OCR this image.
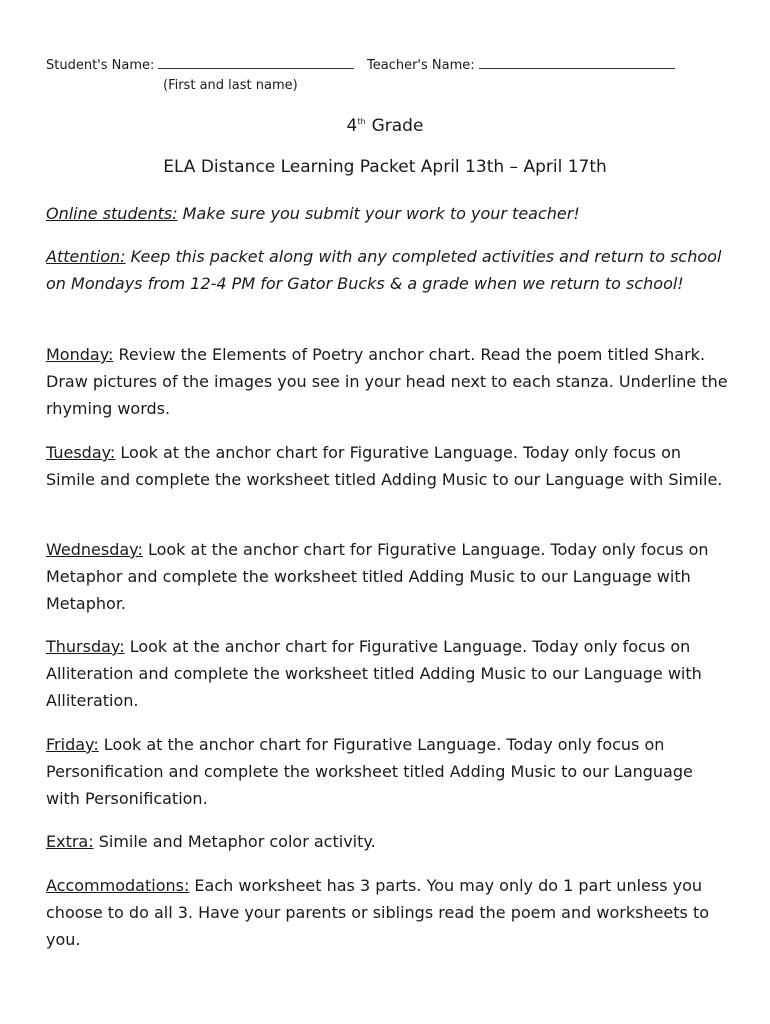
Student's Name:	Teacher's Name:
(First and last name)
4th Grade
ELA Distance Learning Packet April 13th – April 17th
Online students: Make sure you submit your work to your teacher!
Attention: Keep this packet along with any completed activities and return to school on Mondays from 12-4 PM for Gator Bucks & a grade when we return to school!
Monday: Review the Elements of Poetry anchor chart. Read the poem titled Shark. Draw pictures of the images you see in your head next to each stanza. Underline the rhyming words.
Tuesday: Look at the anchor chart for Figurative Language. Today only focus on Simile and complete the worksheet titled Adding Music to our Language with Simile.
Wednesday: Look at the anchor chart for Figurative Language. Today only focus on Metaphor and complete the worksheet titled Adding Music to our Language with Metaphor.
Thursday: Look at the anchor chart for Figurative Language. Today only focus on Alliteration and complete the worksheet titled Adding Music to our Language with Alliteration.
Friday: Look at the anchor chart for Figurative Language. Today only focus on Personification and complete the worksheet titled Adding Music to our Language with Personification.
Extra: Simile and Metaphor color activity.
Accommodations: Each worksheet has 3 parts. You may only do 1 part unless you choose to do all 3. Have your parents or siblings read the poem and worksheets to you.
